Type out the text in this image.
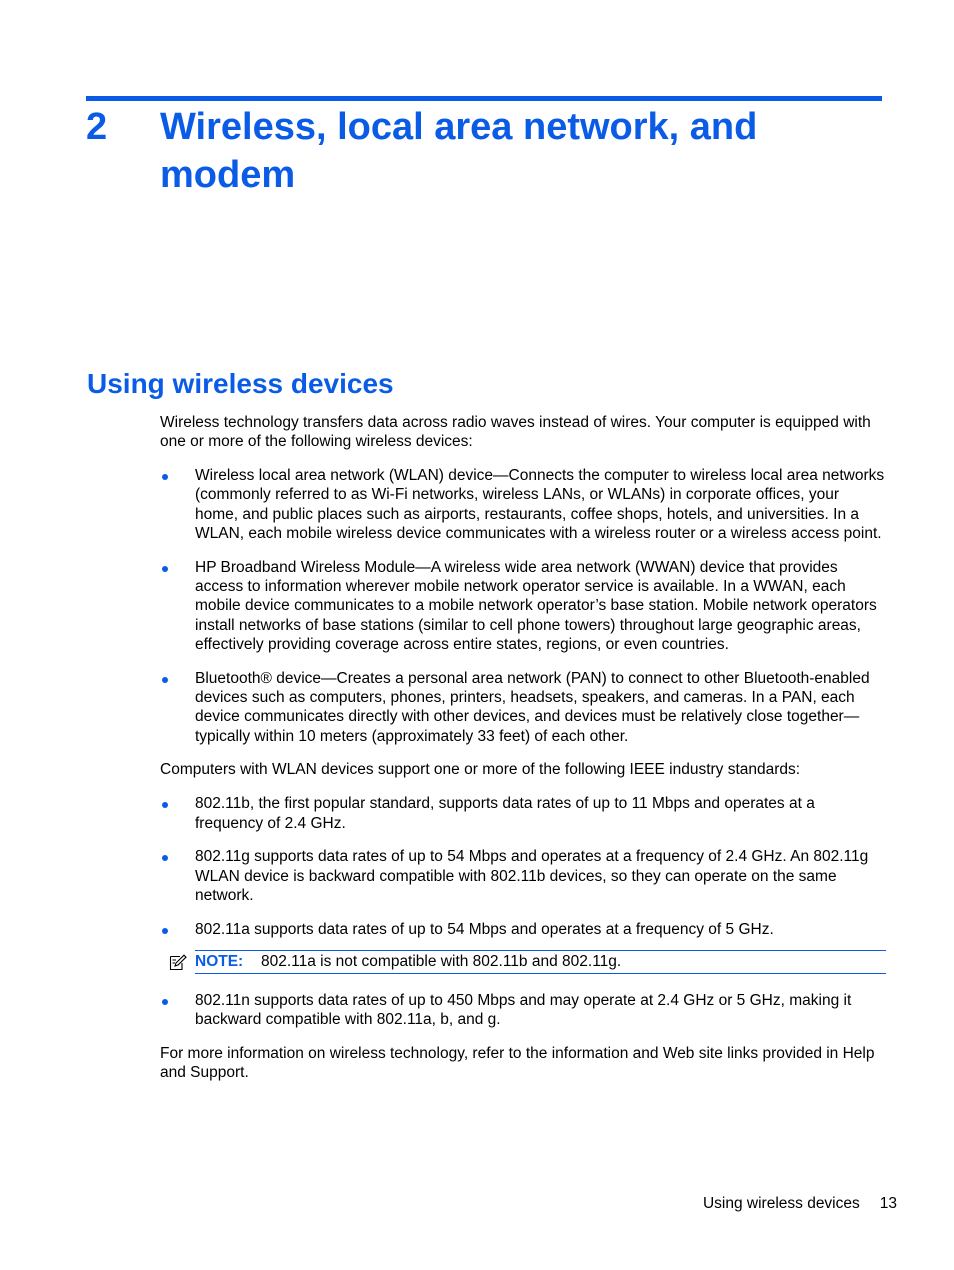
2 Wireless, local area network, and modem
Using wireless devices

Wireless technology transfers data across radio waves instead of wires. Your computer is equipped with one or more of the following wireless devices:

Wireless local area network (WLAN) device—Connects the computer to wireless local area networks (commonly referred to as Wi-Fi networks, wireless LANs, or WLANs) in corporate offices, your home, and public places such as airports, restaurants, coffee shops, hotels, and universities. In a WLAN, each mobile wireless device communicates with a wireless router or a wireless access point.
HP Broadband Wireless Module—A wireless wide area network (WWAN) device that provides access to information wherever mobile network operator service is available. In a WWAN, each mobile device communicates to a mobile network operator’s base station. Mobile network operators install networks of base stations (similar to cell phone towers) throughout large geographic areas, effectively providing coverage across entire states, regions, or even countries.
Bluetooth® device—Creates a personal area network (PAN) to connect to other Bluetooth-enabled devices such as computers, phones, printers, headsets, speakers, and cameras. In a PAN, each device communicates directly with other devices, and devices must be relatively close together—typically within 10 meters (approximately 33 feet) of each other.

Computers with WLAN devices support one or more of the following IEEE industry standards:

802.11b, the first popular standard, supports data rates of up to 11 Mbps and operates at a frequency of 2.4 GHz.
802.11g supports data rates of up to 54 Mbps and operates at a frequency of 2.4 GHz. An 802.11g WLAN device is backward compatible with 802.11b devices, so they can operate on the same network.
802.11a supports data rates of up to 54 Mbps and operates at a frequency of 5 GHz.
NOTE: 802.11a is not compatible with 802.11b and 802.11g.
802.11n supports data rates of up to 450 Mbps and may operate at 2.4 GHz or 5 GHz, making it backward compatible with 802.11a, b, and g.

For more information on wireless technology, refer to the information and Web site links provided in Help and Support.

Using wireless devices 13
